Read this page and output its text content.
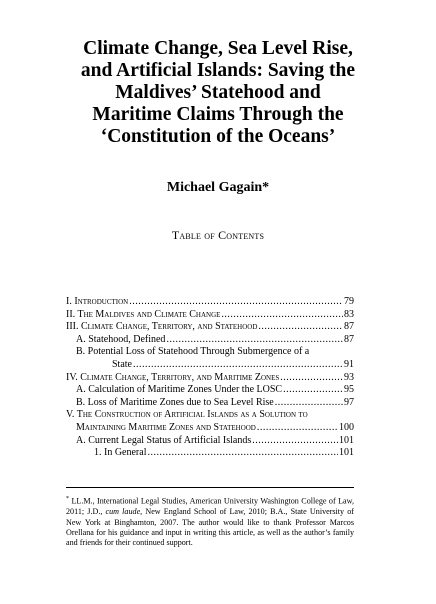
Climate Change, Sea Level Rise,
and Artificial Islands: Saving the
Maldives’ Statehood and
Maritime Claims Through the
‘Constitution of the Oceans’
Michael Gagain*
Table of Contents
I. Introduction .....	79
II. The Maldives and Climate Change .....	83
III. Climate Change, Territory, and Statehood .....	87
A. Statehood, Defined .....	87
B. Potential Loss of Statehood Through Submergence of a
State .....	91
IV. Climate Change, Territory, and Maritime Zones .....	93
A. Calculation of Maritime Zones Under the LOSC .....	95
B. Loss of Maritime Zones due to Sea Level Rise .....	97
V. The Construction of Artificial Islands as a Solution to
Maintaining Maritime Zones and Statehood .....	100
A. Current Legal Status of Artificial Islands .....	101
1. In General .....	101
* LL.M., International Legal Studies, American University Washington College of Law, 2011; J.D., cum laude, New England School of Law, 2010; B.A., State University of New York at Binghamton, 2007. The author would like to thank Professor Marcos Orellana for his guidance and input in writing this article, as well as the author’s family and friends for their continued support.
